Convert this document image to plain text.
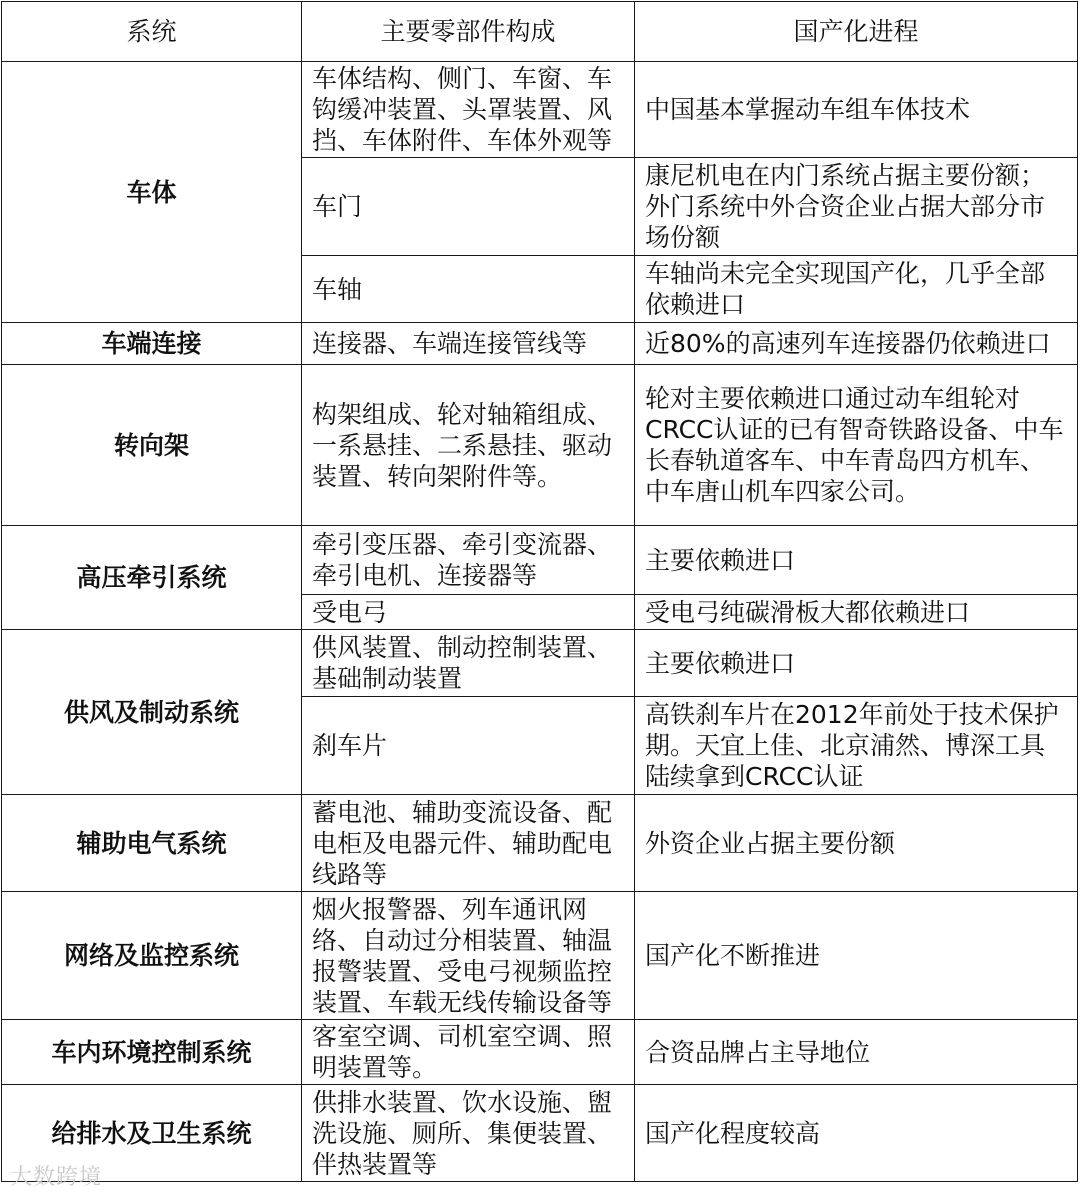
系统	主要零部件构成	国产化进程
车体	车体结构、侧门、车窗、车钩缓冲装置、头罩装置、风挡、车体附件、车体外观等	中国基本掌握动车组车体技术
	车门	康尼机电在内门系统占据主要份额；外门系统中外合资企业占据大部分市场份额
	车轴	车轴尚未完全实现国产化，几乎全部依赖进口
车端连接	连接器、车端连接管线等	近80%的高速列车连接器仍依赖进口
转向架	构架组成、轮对轴箱组成、一系悬挂、二系悬挂、驱动装置、转向架附件等。	轮对主要依赖进口通过动车组轮对CRCC认证的已有智奇铁路设备、中车长春轨道客车、中车青岛四方机车、中车唐山机车四家公司。
高压牵引系统	牵引变压器、牵引变流器、牵引电机、连接器等	主要依赖进口
	受电弓	受电弓纯碳滑板大都依赖进口
供风及制动系统	供风装置、制动控制装置、基础制动装置	主要依赖进口
	刹车片	高铁刹车片在2012年前处于技术保护期。天宜上佳、北京浦然、博深工具陆续拿到CRCC认证
辅助电气系统	蓄电池、辅助变流设备、配电柜及电器元件、辅助配电线路等	外资企业占据主要份额
网络及监控系统	烟火报警器、列车通讯网络、自动过分相装置、轴温报警装置、受电弓视频监控装置、车载无线传输设备等	国产化不断推进
车内环境控制系统	客室空调、司机室空调、照明装置等。	合资品牌占主导地位
给排水及卫生系统	供排水装置、饮水设施、盥洗设施、厕所、集便装置、伴热装置等	国产化程度较高
大数跨境
